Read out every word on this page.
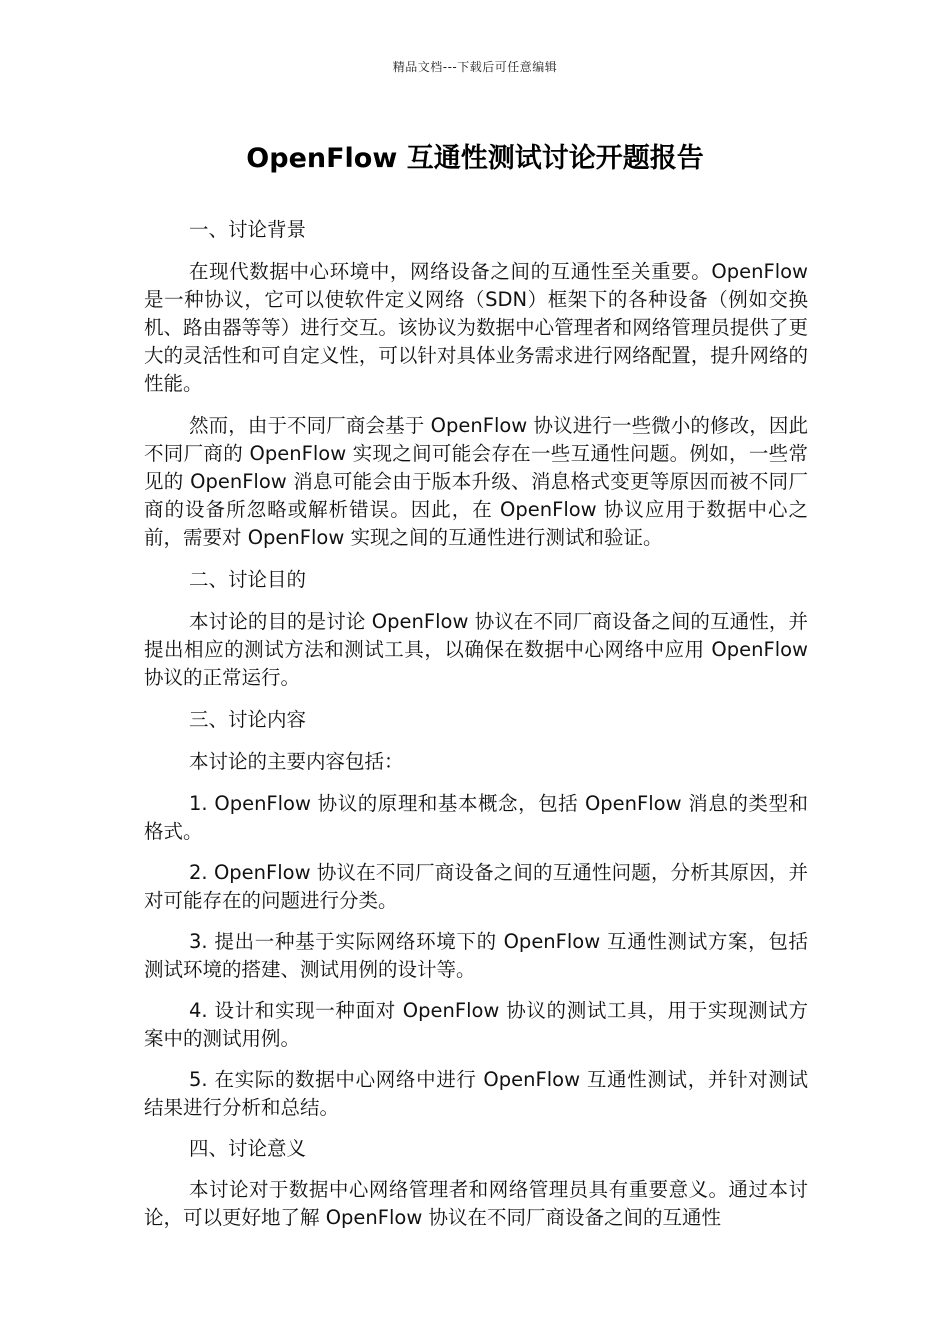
精品文档---下载后可任意编辑
OpenFlow 互通性测试讨论开题报告

一、讨论背景

在现代数据中心环境中，网络设备之间的互通性至关重要。OpenFlow 是一种协议，它可以使软件定义网络（SDN）框架下的各种设备（例如交换机、路由器等等）进行交互。该协议为数据中心管理者和网络管理员提供了更大的灵活性和可自定义性，可以针对具体业务需求进行网络配置，提升网络的性能。

然而，由于不同厂商会基于 OpenFlow 协议进行一些微小的修改，因此不同厂商的 OpenFlow 实现之间可能会存在一些互通性问题。例如，一些常见的 OpenFlow 消息可能会由于版本升级、消息格式变更等原因而被不同厂商的设备所忽略或解析错误。因此，在 OpenFlow 协议应用于数据中心之前，需要对 OpenFlow 实现之间的互通性进行测试和验证。

二、讨论目的

本讨论的目的是讨论 OpenFlow 协议在不同厂商设备之间的互通性，并提出相应的测试方法和测试工具，以确保在数据中心网络中应用 OpenFlow 协议的正常运行。

三、讨论内容

本讨论的主要内容包括：

1. OpenFlow 协议的原理和基本概念，包括 OpenFlow 消息的类型和格式。

2. OpenFlow 协议在不同厂商设备之间的互通性问题，分析其原因，并对可能存在的问题进行分类。

3. 提出一种基于实际网络环境下的 OpenFlow 互通性测试方案，包括测试环境的搭建、测试用例的设计等。

4. 设计和实现一种面对 OpenFlow 协议的测试工具，用于实现测试方案中的测试用例。

5. 在实际的数据中心网络中进行 OpenFlow 互通性测试，并针对测试结果进行分析和总结。

四、讨论意义

本讨论对于数据中心网络管理者和网络管理员具有重要意义。通过本讨论，可以更好地了解 OpenFlow 协议在不同厂商设备之间的互通性
